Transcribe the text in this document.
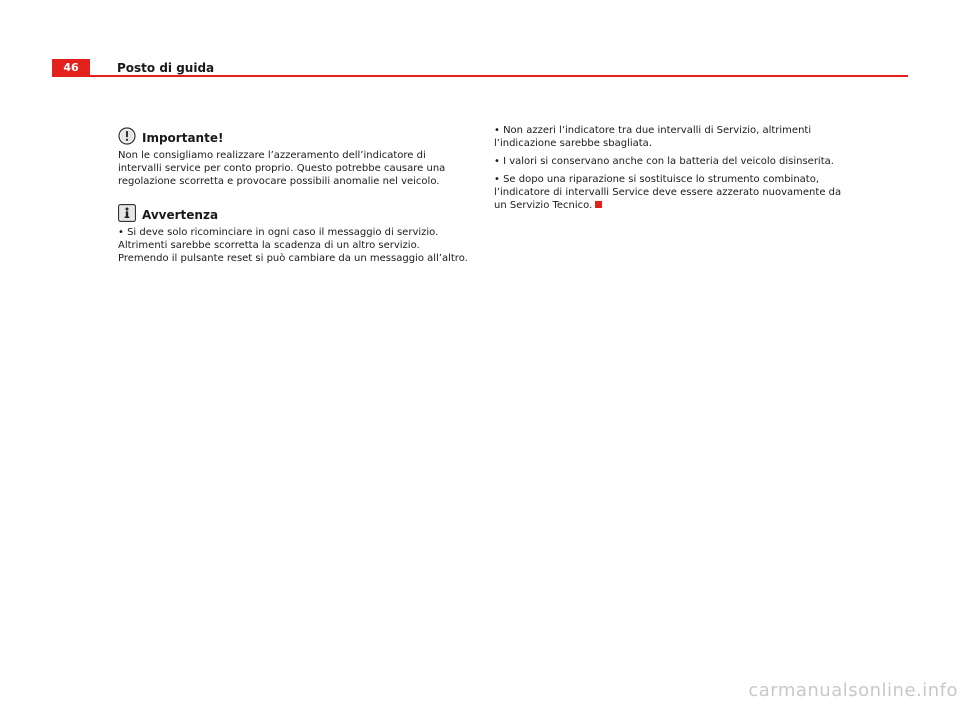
46	Posto di guida
Importante!

Non le consigliamo realizzare l’azzeramento dell’indicatore di intervalli service per conto proprio. Questo potrebbe causare una regolazione scorretta e provocare possibili anomalie nel veicolo.

Avvertenza

• Si deve solo ricominciare in ogni caso il messaggio di servizio. Altrimenti sarebbe scorretta la scadenza di un altro servizio. Premendo il pulsante reset si può cambiare da un messaggio all’altro.

• Non azzeri l’indicatore tra due intervalli di Servizio, altrimenti l’indicazione sarebbe sbagliata.

• I valori si conservano anche con la batteria del veicolo disinserita.

• Se dopo una riparazione si sostituisce lo strumento combinato, l’indicatore di intervalli Service deve essere azzerato nuovamente da un Servizio Tecnico.

carmanualsonline.info
